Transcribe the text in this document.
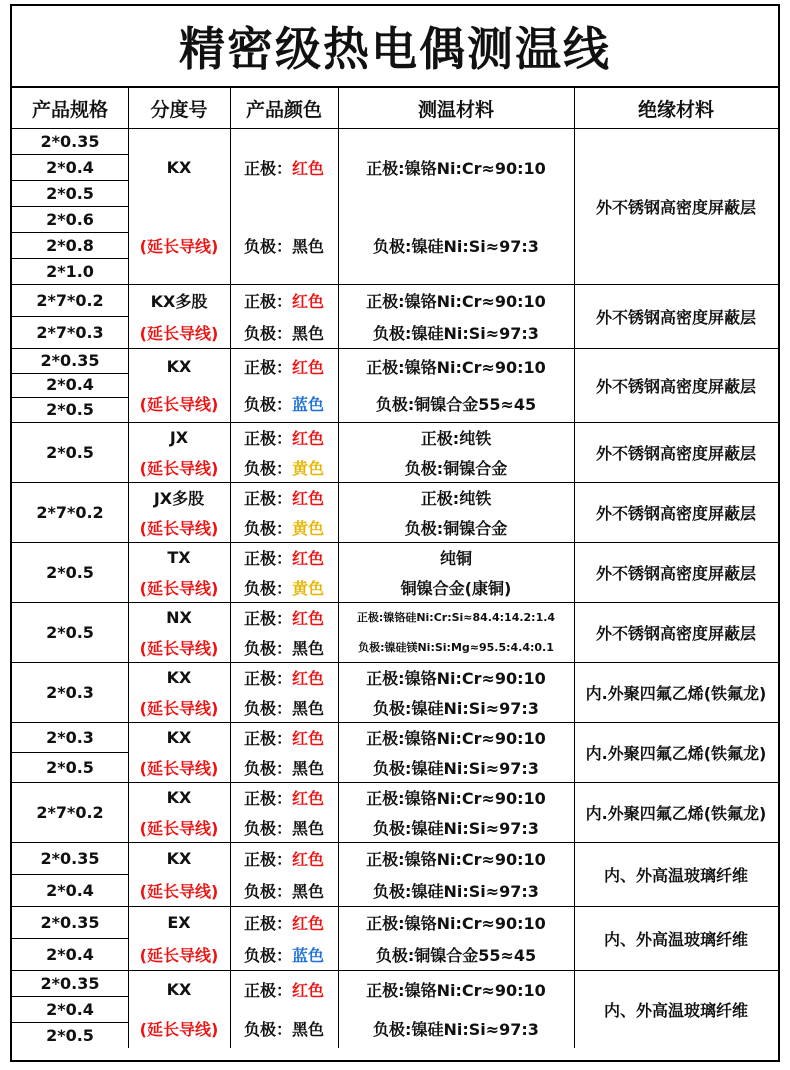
精密级热电偶测温线
产品规格 分度号 产品颜色	测温材料	绝缘材料
2*0.35
2*0.4
2*0.5
2*0.6
2*0.8
2*1.0
KX
(延长导线)
正极： 红色
负极： 黑色
正极:镍铬Ni:Cr≈90:10
负极:镍硅Ni:Si≈97:3
外不锈钢高密度屏蔽层
2*7*0.2
2*7*0.3
KX多股
(延长导线)
正极： 红色
负极： 黑色
正极:镍铬Ni:Cr≈90:10
负极:镍硅Ni:Si≈97:3
外不锈钢高密度屏蔽层
2*0.35
2*0.4
2*0.5
KX
(延长导线)
正极： 红色
负极： 蓝色
正极:镍铬Ni:Cr≈90:10
负极:铜镍合金55≈45
外不锈钢高密度屏蔽层
2*0.5
JX
(延长导线)
正极： 红色
负极： 黄色
正极:纯铁
负极:铜镍合金
外不锈钢高密度屏蔽层
2*7*0.2
JX多股
(延长导线)
正极： 红色
负极： 黄色
正极:纯铁
负极:铜镍合金
外不锈钢高密度屏蔽层
2*0.5
TX
(延长导线)
正极： 红色
负极： 黄色
纯铜
铜镍合金(康铜)
外不锈钢高密度屏蔽层
2*0.5
NX
(延长导线)
正极： 红色
负极： 黑色
正极:镍铬硅Ni:Cr:Si≈84.4:14.2:1.4
负极:镍硅镁Ni:Si:Mg≈95.5:4.4:0.1
外不锈钢高密度屏蔽层
2*0.3
KX
(延长导线)
正极： 红色
负极： 黑色
正极:镍铬Ni:Cr≈90:10
负极:镍硅Ni:Si≈97:3
内.外聚四氟乙烯(铁氟龙)
2*0.3
2*0.5
KX
(延长导线)
正极： 红色
负极： 黑色
正极:镍铬Ni:Cr≈90:10
负极:镍硅Ni:Si≈97:3
内.外聚四氟乙烯(铁氟龙)
2*7*0.2
KX
(延长导线)
正极： 红色
负极： 黑色
正极:镍铬Ni:Cr≈90:10
负极:镍硅Ni:Si≈97:3
内.外聚四氟乙烯(铁氟龙)
2*0.35
2*0.4
KX
(延长导线)
正极： 红色
负极： 黑色
正极:镍铬Ni:Cr≈90:10
负极:镍硅Ni:Si≈97:3
内、外高温玻璃纤维
2*0.35
2*0.4
EX
(延长导线)
正极： 红色
负极： 蓝色
正极:镍铬Ni:Cr≈90:10
负极:铜镍合金55≈45
内、外高温玻璃纤维
2*0.35
2*0.4
2*0.5
KX
(延长导线)
正极： 红色
负极： 黑色
正极:镍铬Ni:Cr≈90:10
负极:镍硅Ni:Si≈97:3
内、外高温玻璃纤维
